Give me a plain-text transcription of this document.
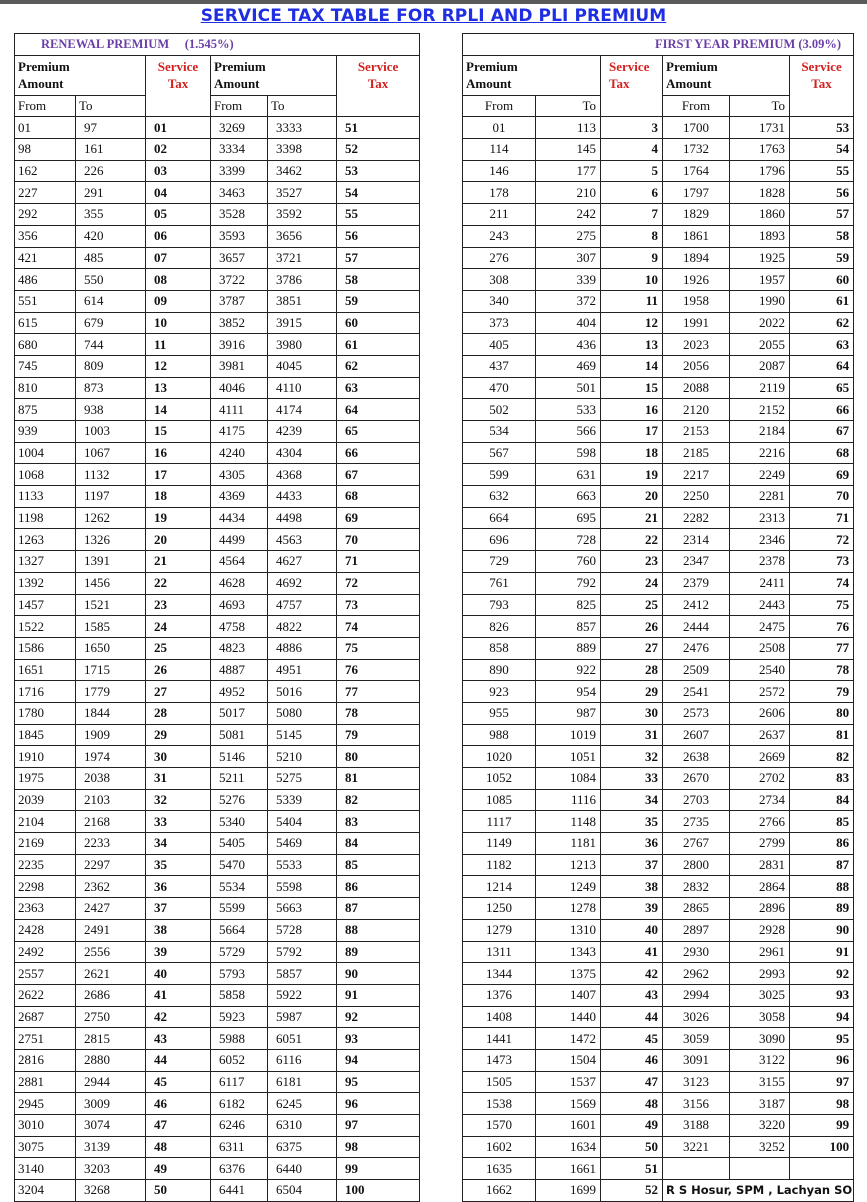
SERVICE TAX TABLE FOR RPLI AND PLI PREMIUM
RENEWAL PREMIUM (1.545%)					
Premium
Amount		Service
Tax	Premium
Amount		Service
Tax
From	To		From	To	
01	97	01	3269	3333	51
98	161	02	3334	3398	52
162	226	03	3399	3462	53
227	291	04	3463	3527	54
292	355	05	3528	3592	55
356	420	06	3593	3656	56
421	485	07	3657	3721	57
486	550	08	3722	3786	58
551	614	09	3787	3851	59
615	679	10	3852	3915	60
680	744	11	3916	3980	61
745	809	12	3981	4045	62
810	873	13	4046	4110	63
875	938	14	4111	4174	64
939	1003	15	4175	4239	65
1004	1067	16	4240	4304	66
1068	1132	17	4305	4368	67
1133	1197	18	4369	4433	68
1198	1262	19	4434	4498	69
1263	1326	20	4499	4563	70
1327	1391	21	4564	4627	71
1392	1456	22	4628	4692	72
1457	1521	23	4693	4757	73
1522	1585	24	4758	4822	74
1586	1650	25	4823	4886	75
1651	1715	26	4887	4951	76
1716	1779	27	4952	5016	77
1780	1844	28	5017	5080	78
1845	1909	29	5081	5145	79
1910	1974	30	5146	5210	80
1975	2038	31	5211	5275	81
2039	2103	32	5276	5339	82
2104	2168	33	5340	5404	83
2169	2233	34	5405	5469	84
2235	2297	35	5470	5533	85
2298	2362	36	5534	5598	86
2363	2427	37	5599	5663	87
2428	2491	38	5664	5728	88
2492	2556	39	5729	5792	89
2557	2621	40	5793	5857	90
2622	2686	41	5858	5922	91
2687	2750	42	5923	5987	92
2751	2815	43	5988	6051	93
2816	2880	44	6052	6116	94
2881	2944	45	6117	6181	95
2945	3009	46	6182	6245	96
3010	3074	47	6246	6310	97
3075	3139	48	6311	6375	98
3140	3203	49	6376	6440	99
3204	3268	50	6441	6504	100
FIRST YEAR PREMIUM (3.09%)					
Premium
Amount		Service
Tax	Premium
Amount		Service
Tax
From	To		From	To	
01	113	3	1700	1731	53
114	145	4	1732	1763	54
146	177	5	1764	1796	55
178	210	6	1797	1828	56
211	242	7	1829	1860	57
243	275	8	1861	1893	58
276	307	9	1894	1925	59
308	339	10	1926	1957	60
340	372	11	1958	1990	61
373	404	12	1991	2022	62
405	436	13	2023	2055	63
437	469	14	2056	2087	64
470	501	15	2088	2119	65
502	533	16	2120	2152	66
534	566	17	2153	2184	67
567	598	18	2185	2216	68
599	631	19	2217	2249	69
632	663	20	2250	2281	70
664	695	21	2282	2313	71
696	728	22	2314	2346	72
729	760	23	2347	2378	73
761	792	24	2379	2411	74
793	825	25	2412	2443	75
826	857	26	2444	2475	76
858	889	27	2476	2508	77
890	922	28	2509	2540	78
923	954	29	2541	2572	79
955	987	30	2573	2606	80
988	1019	31	2607	2637	81
1020	1051	32	2638	2669	82
1052	1084	33	2670	2702	83
1085	1116	34	2703	2734	84
1117	1148	35	2735	2766	85
1149	1181	36	2767	2799	86
1182	1213	37	2800	2831	87
1214	1249	38	2832	2864	88
1250	1278	39	2865	2896	89
1279	1310	40	2897	2928	90
1311	1343	41	2930	2961	91
1344	1375	42	2962	2993	92
1376	1407	43	2994	3025	93
1408	1440	44	3026	3058	94
1441	1472	45	3059	3090	95
1473	1504	46	3091	3122	96
1505	1537	47	3123	3155	97
1538	1569	48	3156	3187	98
1570	1601	49	3188	3220	99
1602	1634	50	3221	3252	100
1635	1661	51			
1662	1699	52	R S Hosur, SPM , Lachyan SO		
